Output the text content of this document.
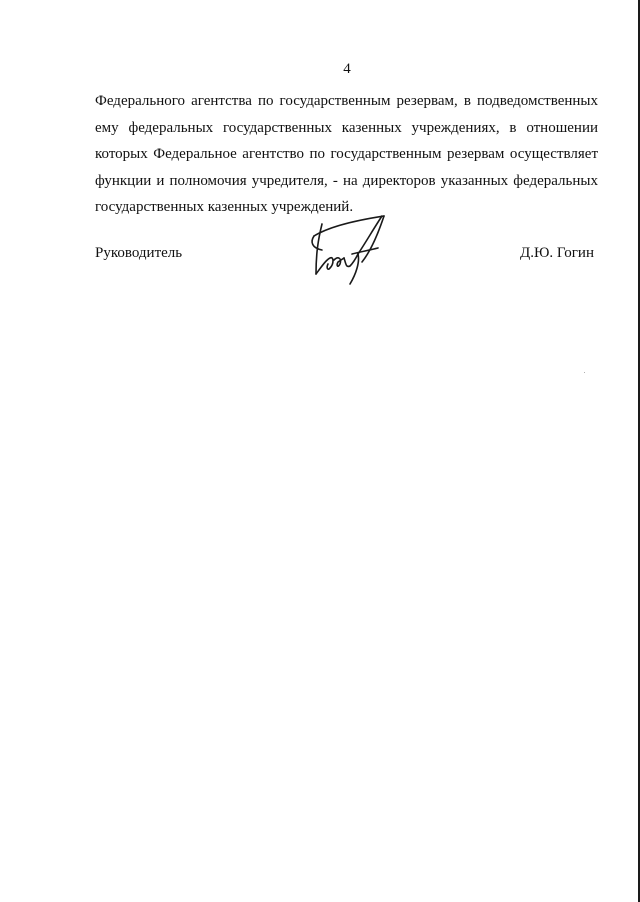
4
Федерального агентства по государственным резервам, в подведомственных
ему федеральных государственных казенных учреждениях, в отношении
которых Федеральное агентство по государственным резервам осуществляет
функции и полномочия учредителя, - на директоров указанных федеральных
государственных казенных учреждений.
Руководитель	Д.Ю. Гогин
